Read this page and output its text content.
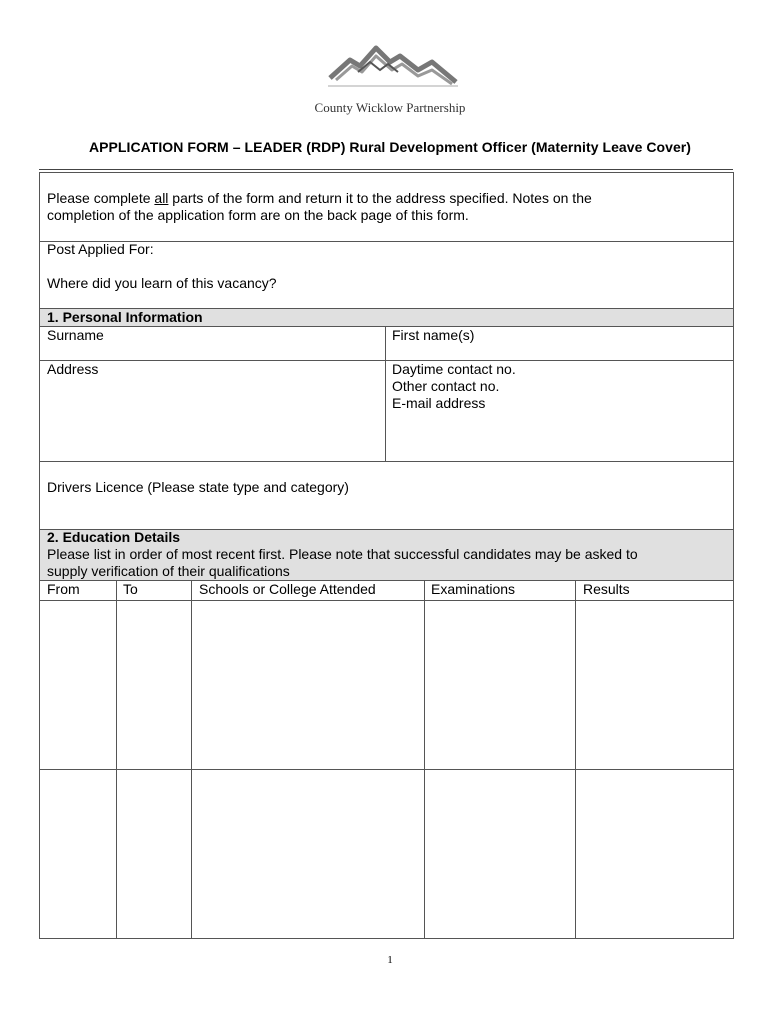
County Wicklow Partnership
APPLICATION FORM – LEADER (RDP) Rural Development Officer (Maternity Leave Cover)
Please complete all parts of the form and return it to the address specified. Notes on the
completion of the application form are on the back page of this form.
Post Applied For:
Where did you learn of this vacancy?
1. Personal Information
Surname	First name(s)
Address	Daytime contact no.
Other contact no.
E-mail address
Drivers Licence (Please state type and category)
2. Education Details
Please list in order of most recent first. Please note that successful candidates may be asked to
supply verification of their qualifications
From	To	Schools or College Attended	Examinations	Results
1
